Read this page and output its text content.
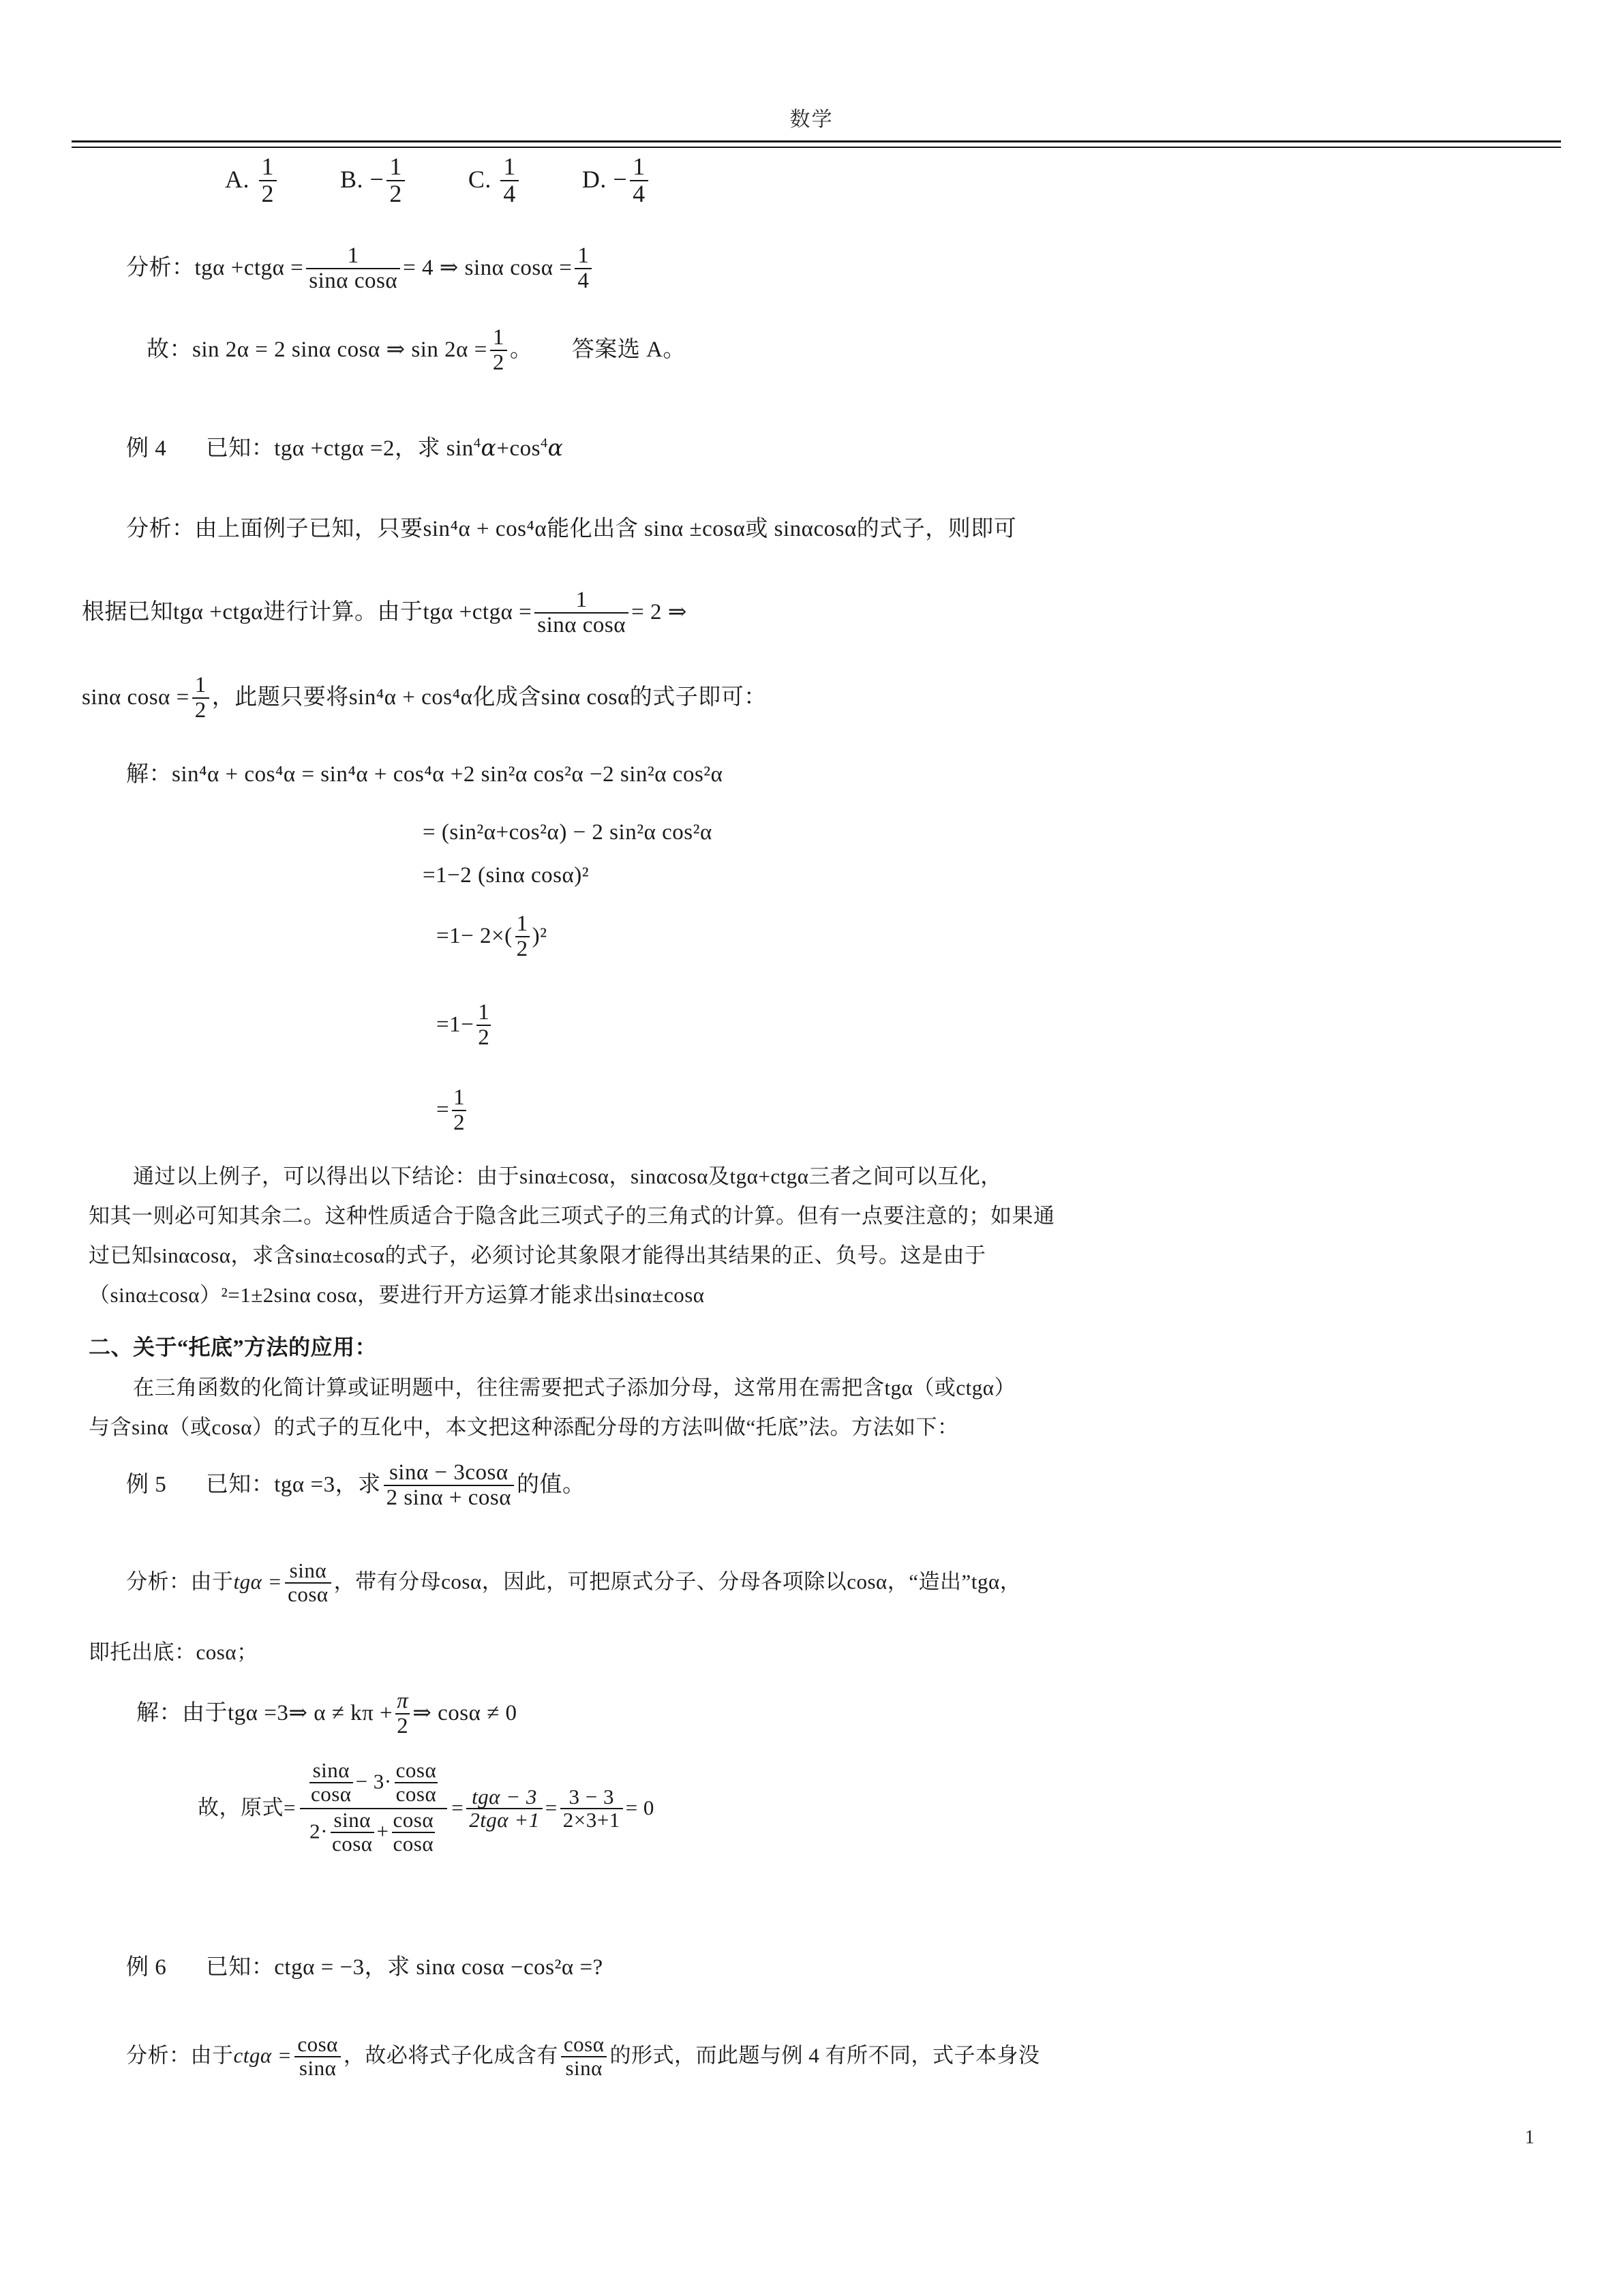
数学
A. $\frac{1}{2}$	B. − $\frac{1}{2}$	C. $\frac{1}{4}$	D. − $\frac{1}{4}$
分析：$tg\alpha +ctg\alpha = \frac{1}{\text{sinα cosα}} = 4$ ⇒ sinα $\cos\alpha = \frac{1}{4}$
故：sin 2α = 2 sinα cosα ⇒ $\sin 2\alpha = \frac{1}{2}$ 。 答案选 A。
例 4 已知：tgα +ctgα =2，求 $\sin^4\alpha+\cos^4\alpha$
分析：由上面例子已知，只要sin⁴α + cos⁴α能化出含 sinα ±cosα或 sinαcosα的式子，则即可
根据已知tgα +ctgα进行计算。由于$tg\alpha +ctg\alpha = \frac{1}{\text{sinα cosα}} = 2$ ⇒
sinα $\cos\alpha = \frac{1}{2}$ ，此题只要将sin⁴α + cos⁴α化成含sinα cosα的式子即可：
解：sin⁴α + cos⁴α = sin⁴α + cos⁴α +2 sin²α cos²α −2 sin²α cos²α
= (sin²α+cos²α) − 2 sin²α cos²α
=1−2 (sinα cosα)²
$=1- 2\times( \frac{1}{2} )^2$
$=1- \frac{1}{2}$
= $\frac{1}{2}$
通过以上例子，可以得出以下结论：由于sinα±cosα，sinαcosα及tgα+ctgα三者之间可以互化，
知其一则必可知其余二。这种性质适合于隐含此三项式子的三角式的计算。但有一点要注意的；如果通
过已知sinαcosα，求含sinα±cosα的式子，必须讨论其象限才能得出其结果的正、负号。这是由于
（sinα±cosα）²=1±2sinα cosα，要进行开方运算才能求出sinα±cosα
二、关于“托底”方法的应用：
在三角函数的化简计算或证明题中，往往需要把式子添加分母，这常用在需把含tgα（或ctgα）
与含sinα（或cosα）的式子的互化中，本文把这种添配分母的方法叫做“托底”法。方法如下：
例 5 已知：tgα =3，求 $\frac{\sin\alpha - 3\cos\alpha}{2 \sin\alpha + \cos\alpha}$ 的值。
分析：由于$tg\alpha = \frac{\sin\alpha}{\cos\alpha}$ ，带有分母cosα，因此，可把原式分子、分母各项除以cosα，“造出”tgα，
即托出底：cosα；
解：由于tgα =3⇒ $\alpha \ne k\pi + \frac{\pi}{2}$ ⇒ cosα ≠ 0
故，原式=
$\frac{\sin\alpha}{\cos\alpha} - 3\cdot \frac{\cos\alpha}{\cos\alpha}$
$2\cdot \frac{\sin\alpha}{\cos\alpha} + \frac{\cos\alpha}{\cos\alpha}$
= $\frac{\text{tgα − 3}}{\text{2tgα +1}} = \frac{3 - 3}{2\times 3+1} = 0$
例 6 已知：ctgα = −3，求 sinα cosα −cos²α =?
分析：由于$ctg\alpha = \frac{\cos\alpha}{\sin\alpha}$ ，故必将式子化成含有 $\frac{\cos\alpha}{\sin\alpha}$ 的形式，而此题与例 4 有所不同，式子本身没
1
